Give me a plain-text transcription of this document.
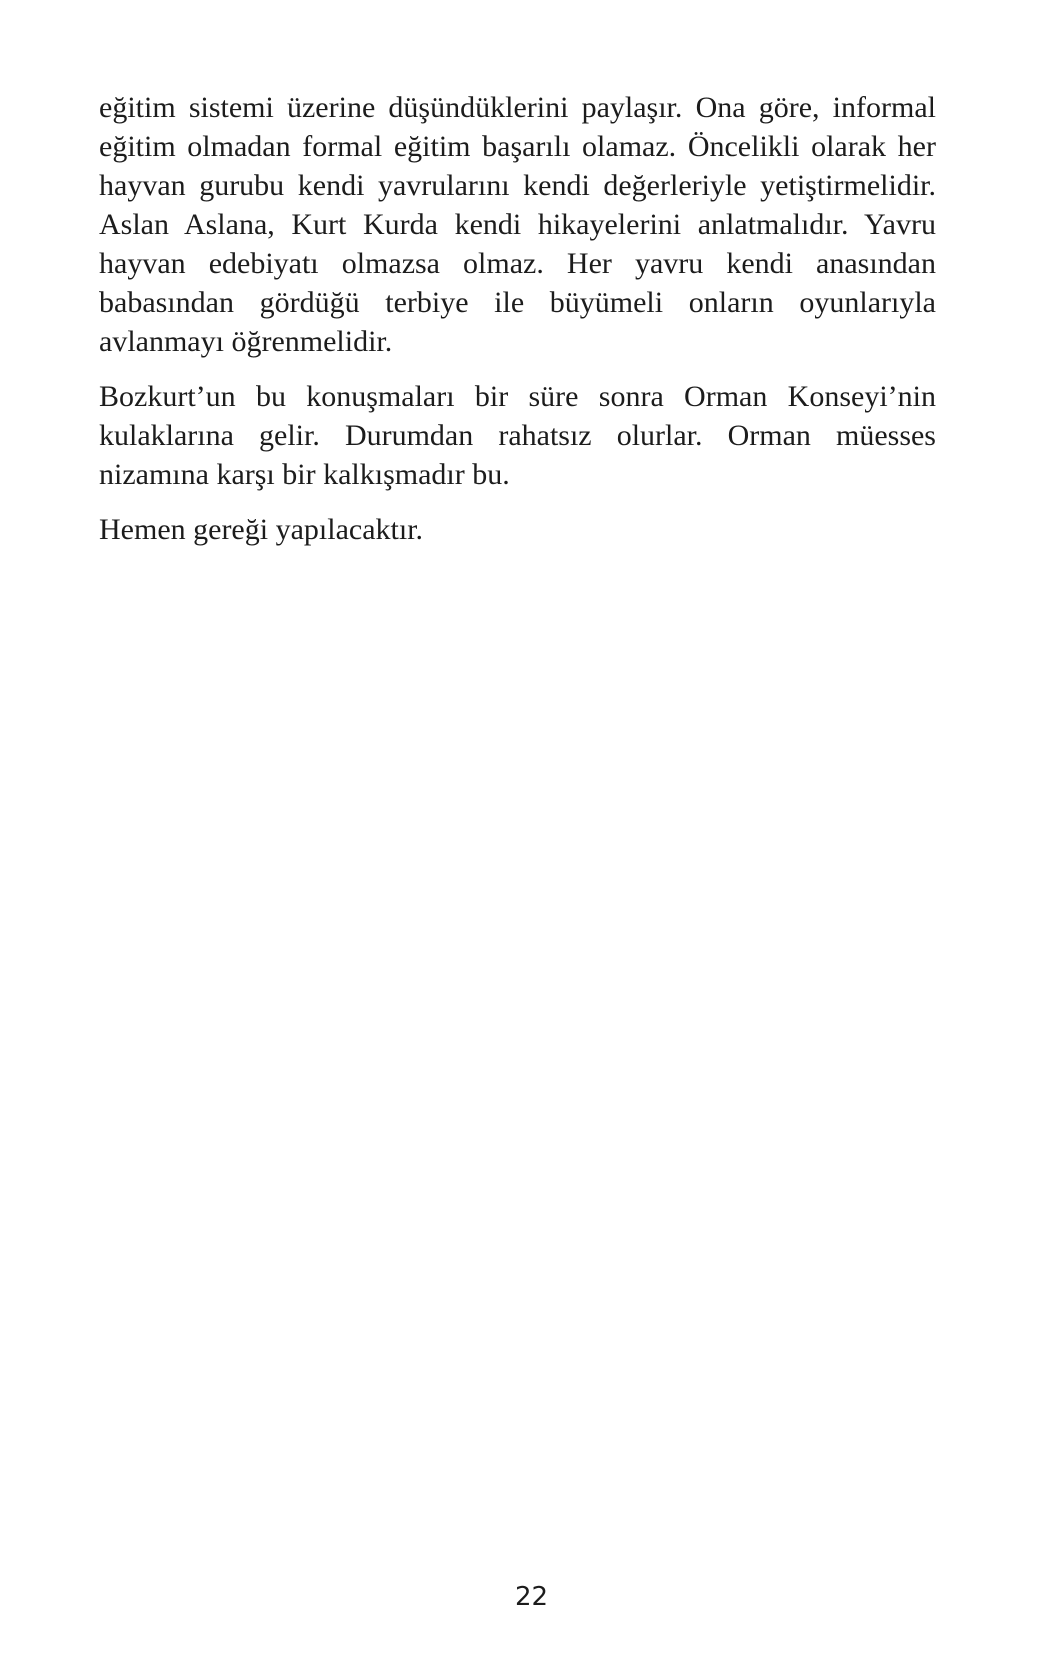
eğitim sistemi üzerine düşündüklerini paylaşır. Ona göre, informal eğitim olmadan formal eğitim başarılı olamaz. Öncelikli olarak her hayvan gurubu kendi yavrularını kendi değerleriyle yetiştirmelidir. Aslan Aslana, Kurt Kurda kendi hikayelerini anlatmalıdır. Yavru hayvan edebiyatı olmazsa olmaz. Her yavru kendi anasından babasından gördüğü terbiye ile büyümeli onların oyunlarıyla avlanmayı öğrenmelidir.

Bozkurt’un bu konuşmaları bir süre sonra Orman Konseyi’nin kulaklarına gelir. Durumdan rahatsız olurlar. Orman müesses nizamına karşı bir kalkışmadır bu.

Hemen gereği yapılacaktır.

22
